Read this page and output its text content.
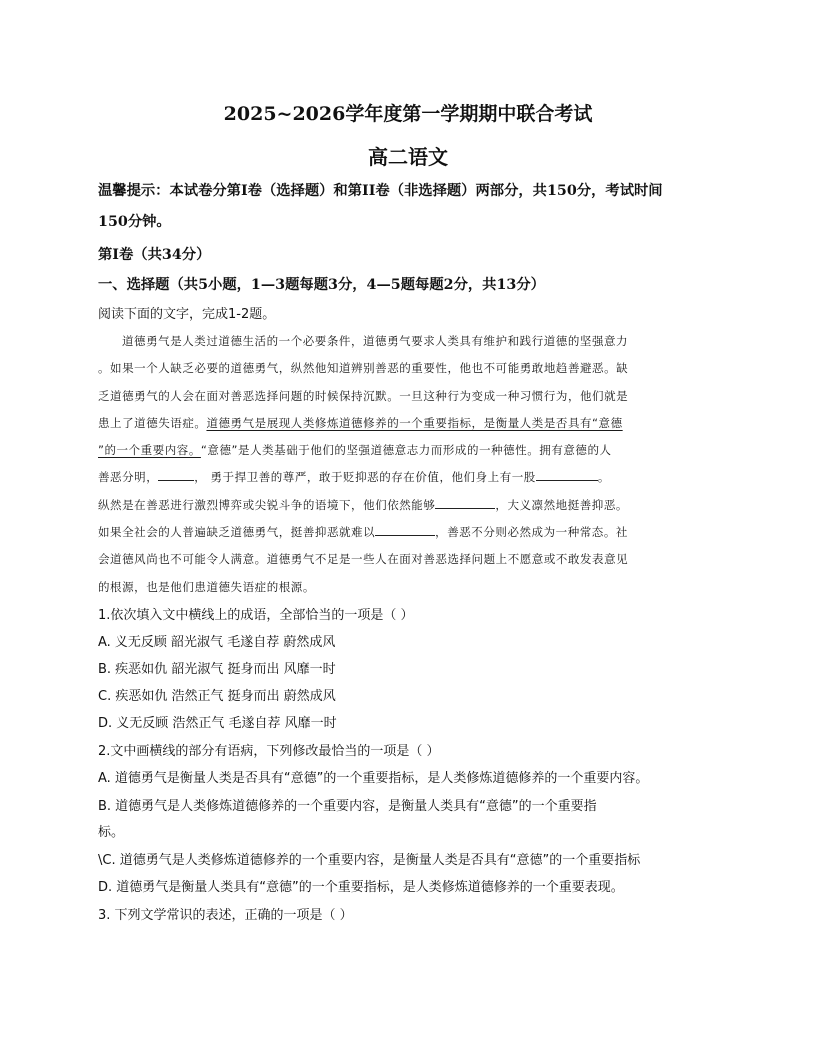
2025~2026学年度第一学期期中联合考试
高二语文
温馨提示：本试卷分第I卷（选择题）和第II卷（非选择题）两部分，共150分，考试时间
150分钟。
第I卷（共34分）
一、选择题（共5小题，1—3题每题3分，4—5题每题2分，共13分）
阅读下面的文字，完成1-2题。
道德勇气是人类过道德生活的一个必要条件，道德勇气要求人类具有维护和践行道德的坚强意力
。如果一个人缺乏必要的道德勇气，纵然他知道辨别善恶的重要性，他也不可能勇敢地趋善避恶。缺
乏道德勇气的人会在面对善恶选择问题的时候保持沉默。一旦这种行为变成一种习惯行为，他们就是
患上了道德失语症。道德勇气是展现人类修炼道德修养的一个重要指标，是衡量人类是否具有“意德
”的一个重要内容。“意德”是人类基础于他们的坚强道德意志力而形成的一种德性。拥有意德的人
善恶分明，	， 勇于捍卫善的尊严，敢于贬抑恶的存在价值，他们身上有一股	。
纵然是在善恶进行激烈博弈或尖锐斗争的语境下，他们依然能够	，大义凛然地挺善抑恶。
如果全社会的人普遍缺乏道德勇气，挺善抑恶就难以	，善恶不分则必然成为一种常态。社
会道德风尚也不可能令人满意。道德勇气不足是一些人在面对善恶选择问题上不愿意或不敢发表意见
的根源，也是他们患道德失语症的根源。
1.依次填入文中横线上的成语，全部恰当的一项是（ ）
A. 义无反顾 韶光淑气 毛遂自荐 蔚然成风
B. 疾恶如仇 韶光淑气 挺身而出 风靡一时
C. 疾恶如仇 浩然正气 挺身而出 蔚然成风
D. 义无反顾 浩然正气 毛遂自荐 风靡一时
2.文中画横线的部分有语病，下列修改最恰当的一项是（ ）
A. 道德勇气是衡量人类是否具有“意德”的一个重要指标，是人类修炼道德修养的一个重要内容。
B. 道德勇气是人类修炼道德修养的一个重要内容，是衡量人类具有“意德”的一个重要指
标。
\C. 道德勇气是人类修炼道德修养的一个重要内容，是衡量人类是否具有“意德”的一个重要指标
D. 道德勇气是衡量人类具有“意德”的一个重要指标，是人类修炼道德修养的一个重要表现。
3. 下列文学常识的表述，正确的一项是（ ）
